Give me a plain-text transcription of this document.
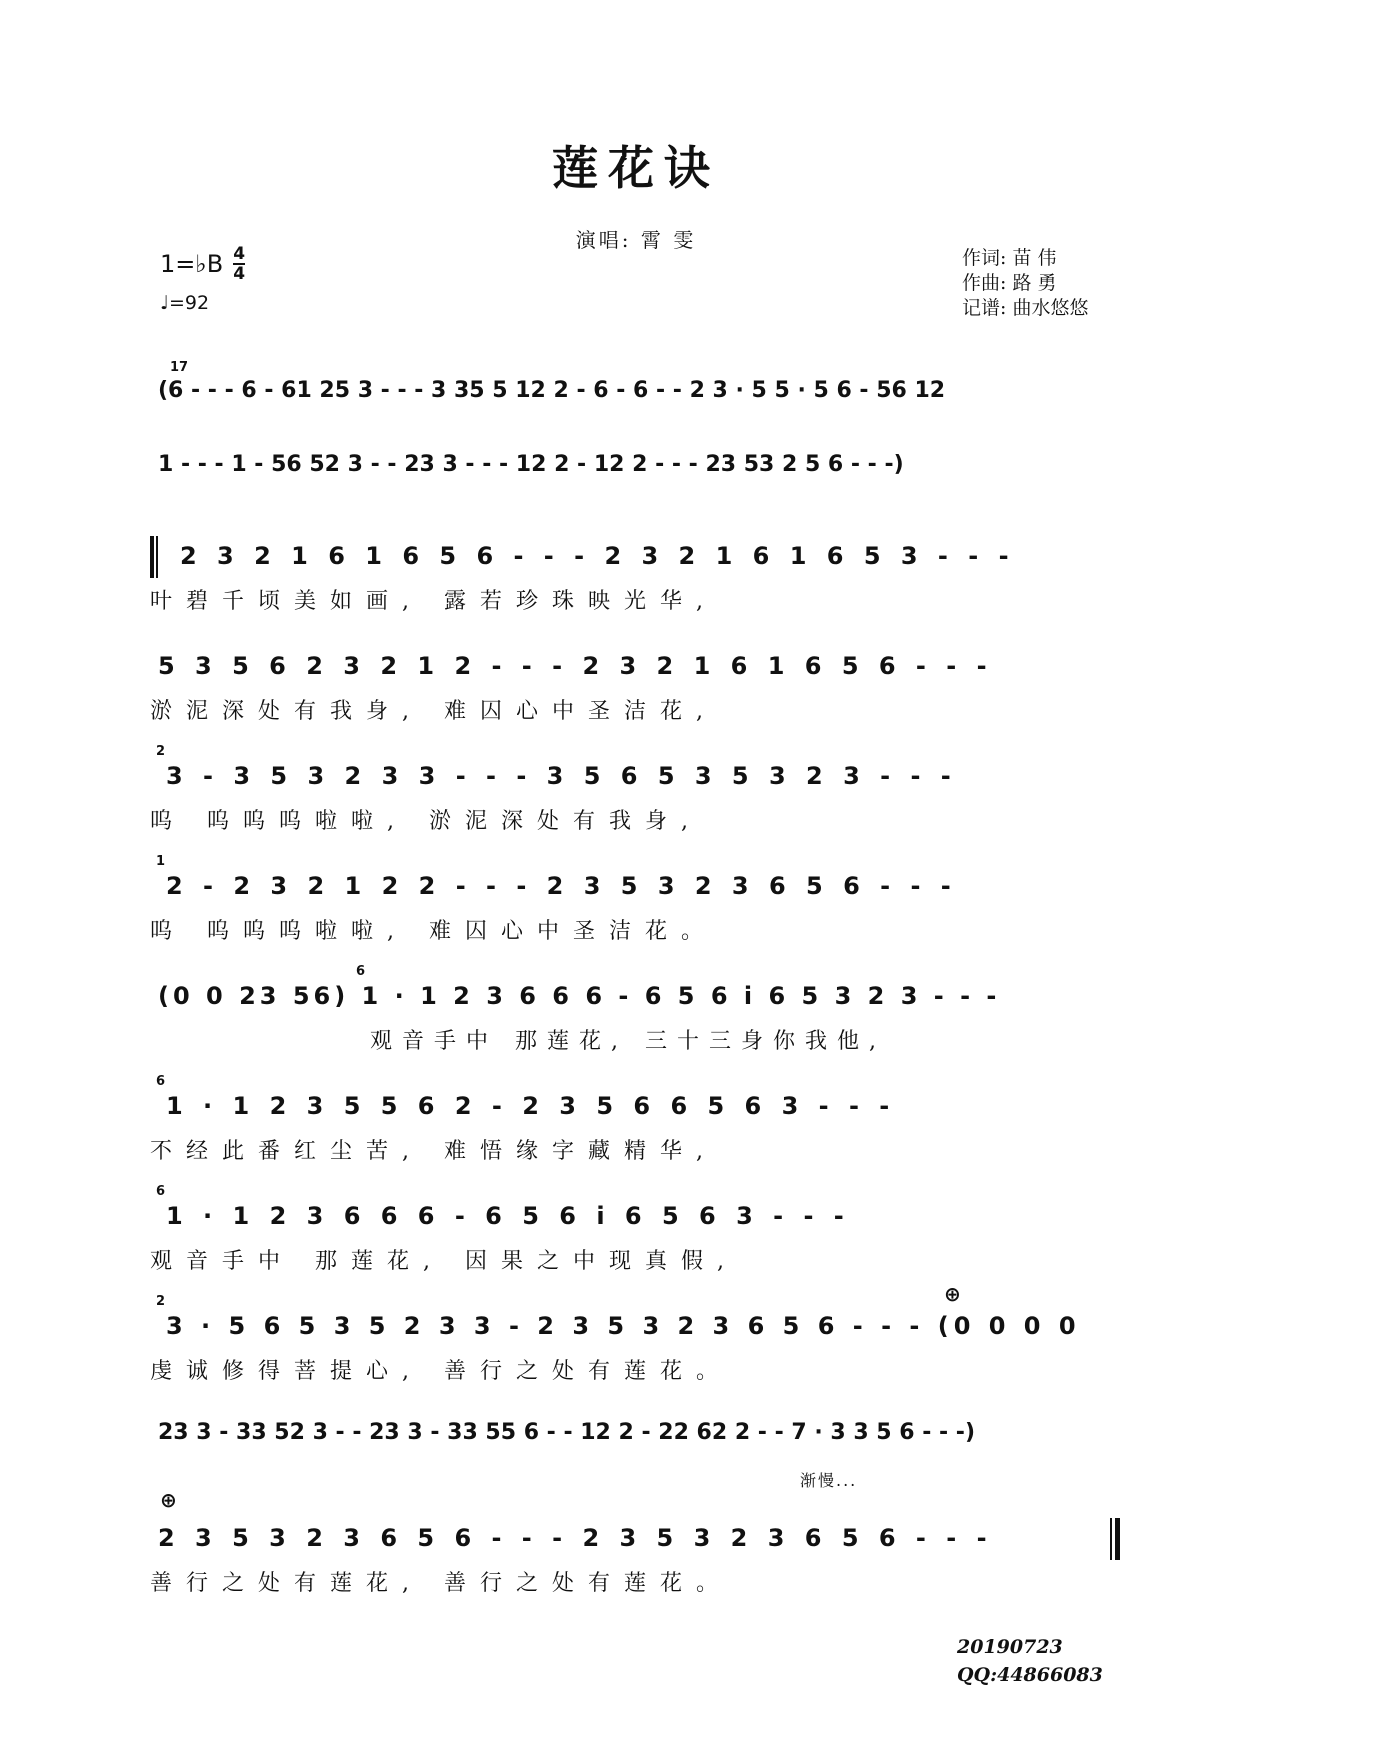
莲花诀
演唱: 霄 雯
1=♭B $\frac{4}{4}$
♩=92
作词: 苗 伟
作曲: 路 勇
记谱: 曲水悠悠
17
(6 - - - 6 - 61 25 3 - - - 3 35 5 12 2 - 6 - 6 - - 2 3 · 5 5 · 5 6 - 56 12
1 - - - 1 - 56 52 3 - - 23 3 - - - 12 2 - 12 2 - - - 23 53 2 5 6 - - -)
2 3 2 1 6 1 6 5 6 - - - 2 3 2 1 6 1 6 5 3 - - -
叶碧千顷美如画, 露若珍珠映光华,
5 3 5 6 2 3 2 1 2 - - - 2 3 2 1 6 1 6 5 6 - - -
淤泥深处有我身, 难囚心中圣洁花,
2
3 - 3 5 3 2 3 3 - - - 3 5 6 5 3 5 3 2 3 - - -
呜 呜呜呜啦啦, 淤泥深处有我身,
1
2 - 2 3 2 1 2 2 - - - 2 3 5 3 2 3 6 5 6 - - -
呜 呜呜呜啦啦, 难囚心中圣洁花。
6
(0 0 23 56) 1 · 1 2 3 6 6 6 - 6 5 6 i 6 5 3 2 3 - - -
观音手中 那莲花, 三十三身你我他,
6
1 · 1 2 3 5 5 6 2 - 2 3 5 6 6 5 6 3 - - -
不经此番红尘苦, 难悟缘字藏精华,
6
1 · 1 2 3 6 6 6 - 6 5 6 i 6 5 6 3 - - -
观音手中 那莲花, 因果之中现真假,
2
3 · 5 6 5 3 5 2 3 3 - 2 3 5 3 2 3 6 5 6 - - - (0 0 0 0
⊕
虔诚修得菩提心, 善行之处有莲花。
23 3 - 33 52 3 - - 23 3 - 33 55 6 - - 12 2 - 22 62 2 - - 7 · 3 3 5 6 - - -)
渐慢...
⊕
2 3 5 3 2 3 6 5 6 - - - 2 3 5 3 2 3 6 5 6 - - -
善行之处有莲花, 善行之处有莲花。
20190723
QQ:44866083
